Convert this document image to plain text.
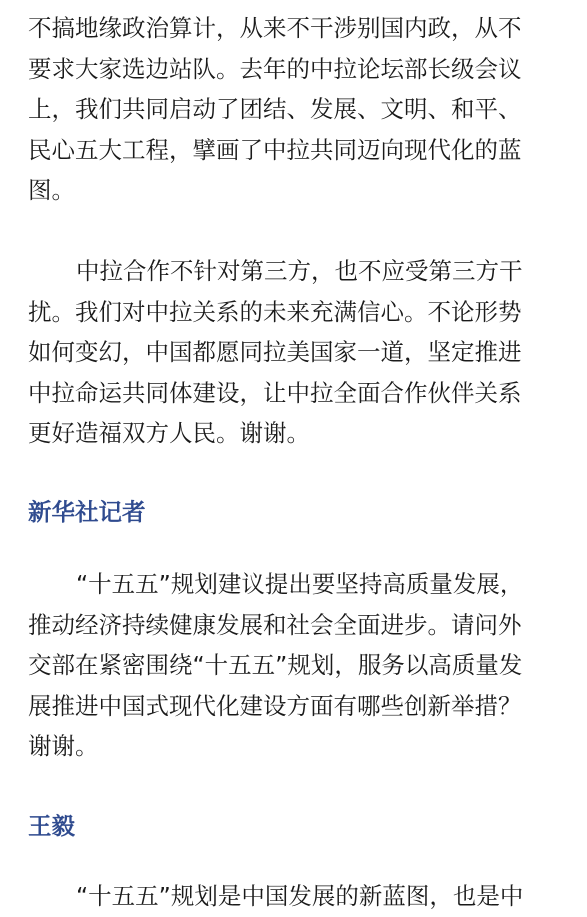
不搞地缘政治算计，从来不干涉别国内政，从不
要求大家选边站队。去年的中拉论坛部长级会议
上，我们共同启动了团结、发展、文明、和平、
民心五大工程，擘画了中拉共同迈向现代化的蓝
图。
中拉合作不针对第三方，也不应受第三方干
扰。我们对中拉关系的未来充满信心。不论形势
如何变幻，中国都愿同拉美国家一道，坚定推进
中拉命运共同体建设，让中拉全面合作伙伴关系
更好造福双方人民。谢谢。
新华社记者
“十五五”规划建议提出要坚持高质量发展，
推动经济持续健康发展和社会全面进步。请问外
交部在紧密围绕“十五五”规划，服务以高质量发
展推进中国式现代化建设方面有哪些创新举措？
谢谢。
王毅
“十五五”规划是中国发展的新蓝图，也是中
